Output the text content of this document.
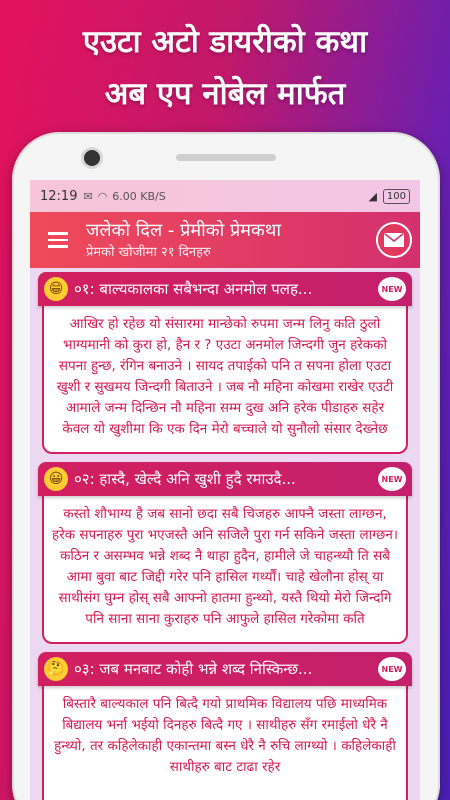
एउटा अटो डायरीको कथा
अब एप नोबेल मार्फत
12:19 ✉ ◠ 6.00 KB/S	◢	100
जलेको दिल - प्रेमीको प्रेमकथा
प्रेमको खोजीमा २१ दिनहरु
😁 ०१: बाल्यकालका सबैभन्दा अनमोल पलह...	NEW
आखिर हो रहेछ यो संसारमा मान्छेको रुपमा जन्म लिनु कति ठुलो भाग्यमानी को कुरा हो, हैन र ? एउटा अनमोल जिन्दगी जुन हरेकको सपना हुन्छ, रंगिन बनाउने । सायद तपाईको पनि त सपना होला एउटा खुशी र सुखमय जिन्दगी बिताउने । जब नौ महिना कोखमा राखेर एउटी आमाले जन्म दिन्छिन नौ महिना सम्म दुख अनि हरेक पीडाहरु सहेर केवल यो खुशीमा कि एक दिन मेरो बच्चाले यो सुनौलो संसार देख्नेछ
😀 ०२: हास्दै, खेल्दै अनि खुशी हुदै रमाउदै...	NEW
कस्तो शौभाग्य है जब सानो छदा सबै चिजहरु आफ्नै जस्ता लाग्छन, हरेक सपनाहरु पुरा भएजस्तै अनि सजिलै पुरा गर्न सकिने जस्ता लाग्छन। कठिन र असम्भव भन्ने शब्द नै थाहा हुदैन, हामीले जे चाहन्थ्यौ ति सबै आमा बुवा बाट जिद्दी गरेर पनि हासिल गर्थ्यौं। चाहे खेलौना होस् या साथीसंग घुम्न होस् सबै आफ्नो हातमा हुन्थ्यो, यस्तै थियो मेरो जिन्दगि पनि साना साना कुराहरु पनि आफुले हासिल गरेकोमा कति
🤔 ०३: जब मनबाट कोही भन्ने शब्द निस्किन्छ...	NEW
बिस्तारै बाल्यकाल पनि बित्दै गयो प्राथमिक विद्यालय पछि माध्यमिक बिद्यालय भर्ना भईयो दिनहरु बित्दै गए । साथीहरु सँग रमाईलो धेरै नै हुन्थ्यो, तर कहिलेकाही एकान्तमा बस्न धेरै नै रुचि लाग्थ्यो । कहिलेकाही साथीहरु बाट टाढा रहेर
